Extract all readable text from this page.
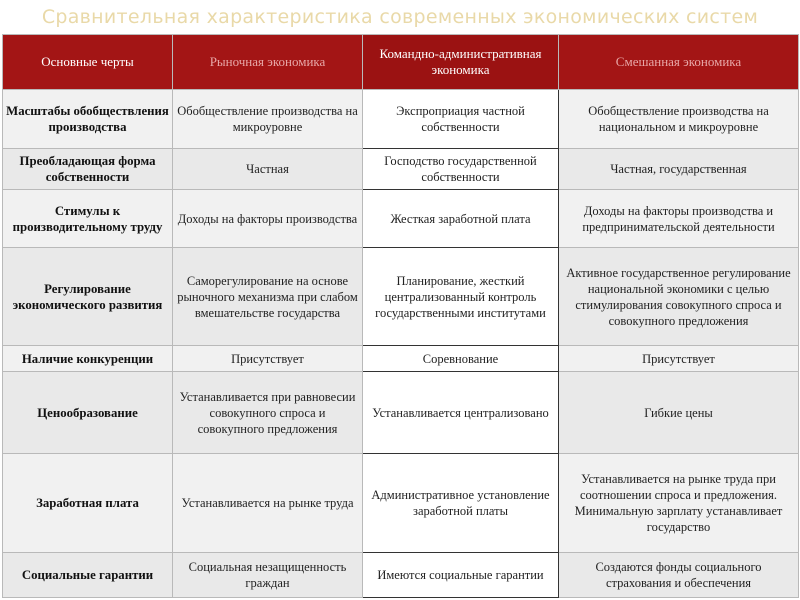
Сравнительная характеристика современных экономических систем
Основные черты	Рыночная экономика	Командно-административная экономика	Смешанная экономика
Масштабы обобществления производства	Обобществление производства на микроуровне	Экспроприация частной собственности	Обобществление производства на национальном и микроуровне
Преобладающая форма собственности	Частная	Господство государственной собственности	Частная, государственная
Стимулы к производительному труду	Доходы на факторы производства	Жесткая заработной плата	Доходы на факторы производства и предпринимательской деятельности
Регулирование экономического развития	Саморегулирование на основе рыночного механизма при слабом вмешательстве государства	Планирование, жесткий централизованный контроль государственными институтами	Активное государственное регулирование национальной экономики с целью стимулирования совокупного спроса и совокупного предложения
Наличие конкуренции	Присутствует	Соревнование	Присутствует
Ценообразование	Устанавливается при равновесии совокупного спроса и совокупного предложения	Устанавливается централизовано	Гибкие цены
Заработная плата	Устанавливается на рынке труда	Административное установление заработной платы	Устанавливается на рынке труда при соотношении спроса и предложения. Минимальную зарплату устанавливает государство
Социальные гарантии	Социальная незащищенность граждан	Имеются социальные гарантии	Создаются фонды социального страхования и обеспечения
